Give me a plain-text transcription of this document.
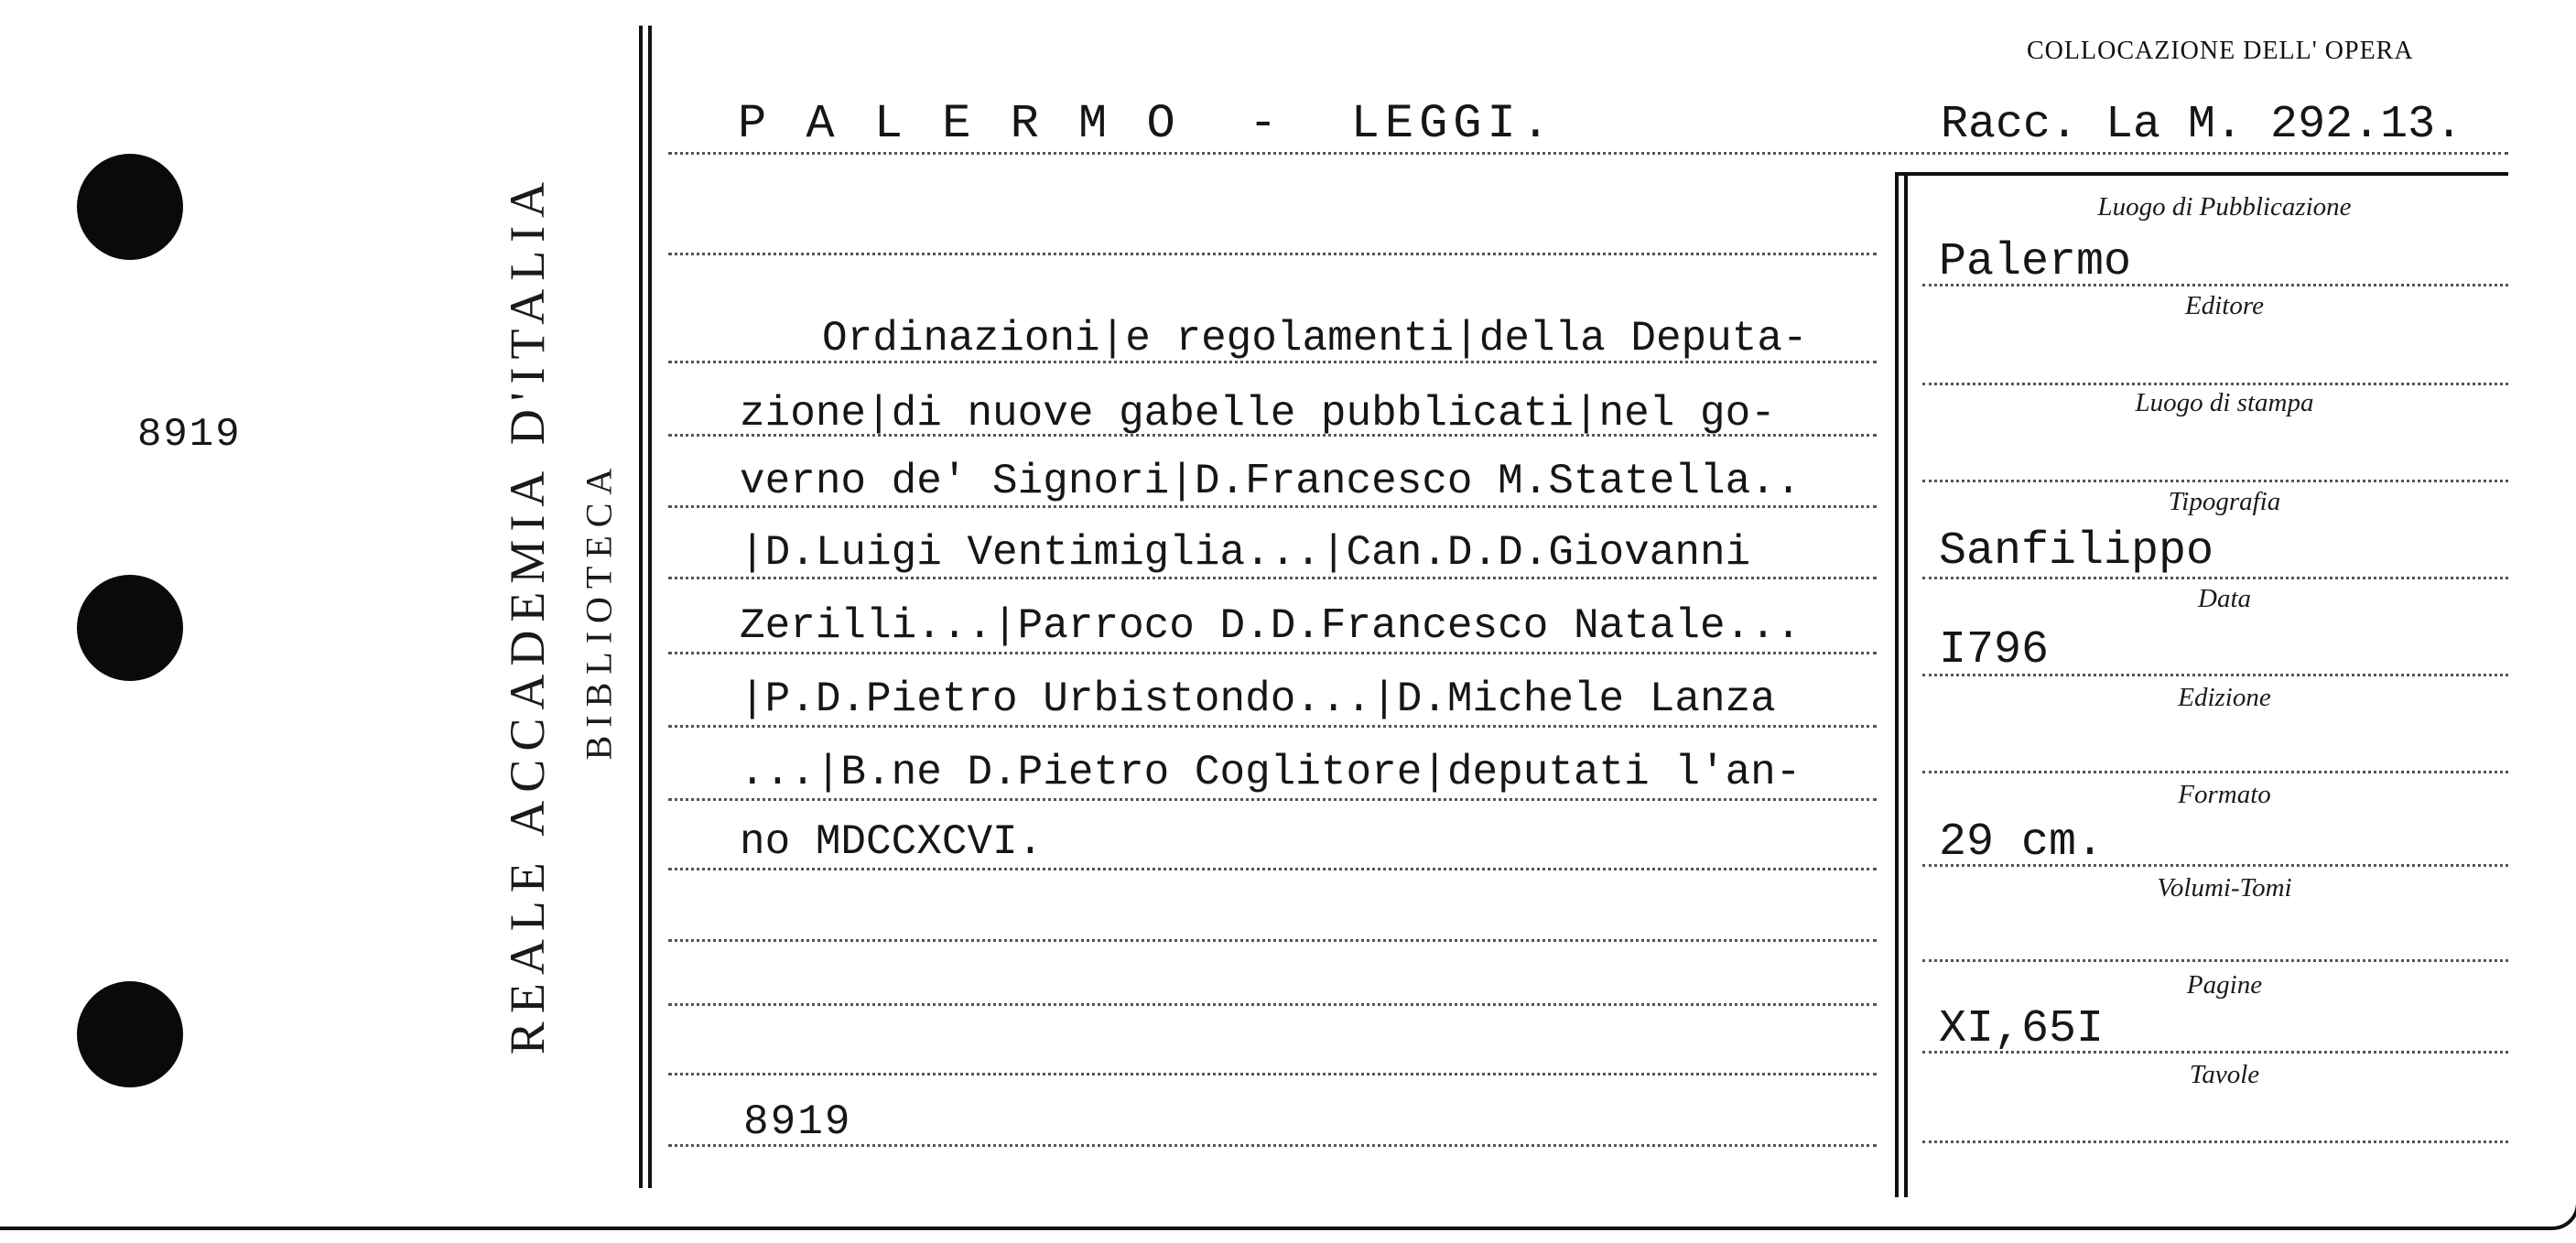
8919	REALE ACCADEMIA D'ITALIA BIBLIOTECA
P A L E R M O  -  LEGGI.
COLLOCAZIONE DELL' OPERA
Racc. La M. 292.13.
Ordinazioni|e regolamenti|della Deputa-
zione|di nuove gabelle pubblicati|nel go-
verno de' Signori|D.Francesco M.Statella..
|D.Luigi Ventimiglia...|Can.D.D.Giovanni
Zerilli...|Parroco D.D.Francesco Natale...
|P.D.Pietro Urbistondo...|D.Michele Lanza
...|B.ne D.Pietro Coglitore|deputati l'an-
no MDCCXCVI.
8919
Luogo di Pubblicazione
Editore
Luogo di stampa
Tipografia
Data
Edizione
Formato
Volumi-Tomi
Pagine
Tavole
Palermo
Sanfilippo
I796
29 cm.
XI,65I
